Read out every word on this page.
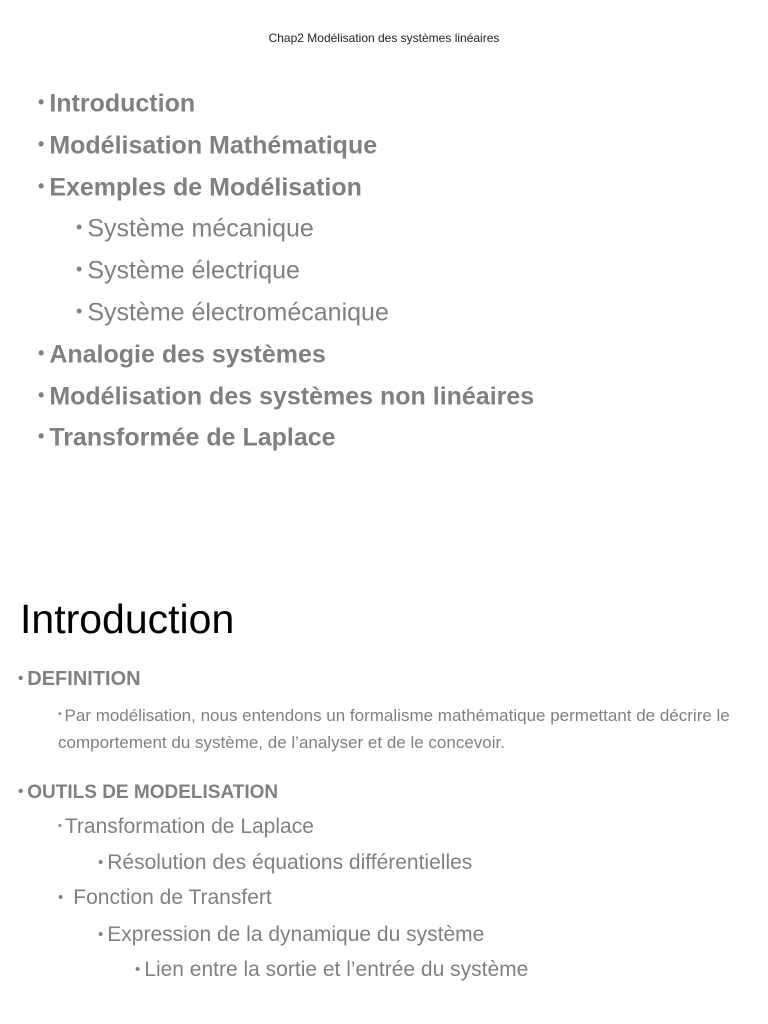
Chap2 Modélisation des systèmes linéaires
• Introduction
• Modélisation Mathématique
• Exemples de Modélisation
• Système mécanique
• Système électrique
• Système électromécanique
• Analogie des systèmes
• Modélisation des systèmes non linéaires
• Transformée de Laplace
Introduction
• DEFINITION
• Par modélisation, nous entendons un formalisme mathématique permettant de décrire le comportement du système, de l’analyser et de le concevoir.
• OUTILS DE MODELISATION
• Transformation de Laplace
• Résolution des équations différentielles
• Fonction de Transfert
• Expression de la dynamique du système
• Lien entre la sortie et l’entrée du système
